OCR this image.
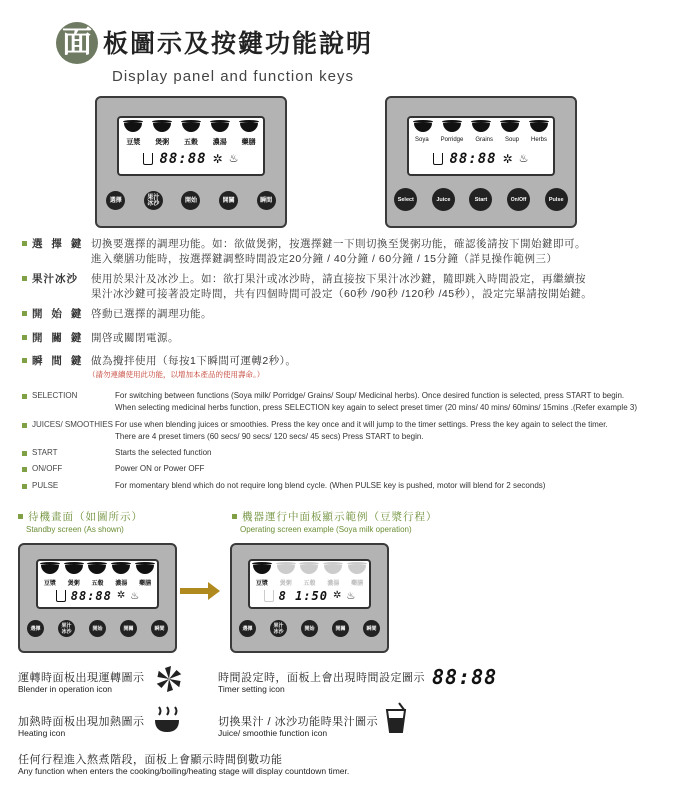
面 板圖示及按鍵功能說明
Display panel and function keys
豆漿 煲粥 五穀 濃湯 藥膳
88:88 ✲ ♨
選擇	果汁
冰沙	開始	開關	瞬間
Soya Porridge Grains Soup Herbs
88:88 ✲ ♨
Select	Juice	Start	On/Off	Pulse
選 擇 鍵 切換要選擇的調理功能。如：欲做煲粥，按選擇鍵一下則切換至煲粥功能，確認後請按下開始鍵即可。
進入藥膳功能時，按選擇鍵調整時間設定20分鐘 / 40分鐘 / 60分鐘 / 15分鐘（詳見操作範例三）
果汁冰沙 使用於果汁及冰沙上。如：欲打果汁或冰沙時，請直接按下果汁冰沙鍵，隨即跳入時間設定，再繼續按
果汁冰沙鍵可接著設定時間，共有四個時間可設定（60秒 /90秒 /120秒 /45秒），設定完畢請按開始鍵。
開 始 鍵 啓動已選擇的調理功能。
開 關 鍵 開啓或關閉電源。
瞬 間 鍵 做為攪拌使用（每按1下瞬間可運轉2秒）。
（請勿連續使用此功能，以增加本產品的使用壽命。）
SELECTION	For switching between functions (Soya milk/ Porridge/ Grains/ Soup/ Medicinal herbs). Once desired function is selected, press START to begin.
When selecting medicinal herbs function, press SELECTION key again to select preset timer (20 mins/ 40 mins/ 60mins/ 15mins .(Refer example 3)
JUICES/ SMOOTHIES For use when blending juices or smoothies. Press the key once and it will jump to the timer settings. Press the key again to select the timer.
There are 4 preset timers (60 secs/ 90 secs/ 120 secs/ 45 secs) Press START to begin.
START	Starts the selected function
ON/OFF	Power ON or Power OFF
PULSE	For momentary blend which do not require long blend cycle. (When PULSE key is pushed, motor will blend for 2 seconds)
待機畫面（如圖所示）
Standby screen (As shown)
機器運行中面板顯示範例（豆漿行程）
Operating screen example (Soya milk operation)
豆漿 煲粥 五穀 濃湯 藥膳
88:88 ✲ ♨
選擇	果汁
冰沙	開始	開關	瞬間
豆漿 煲粥 五穀 濃湯 藥膳
8 1:50 ✲ ♨
選擇	果汁
冰沙	開始	開關	瞬間
運轉時面板出現運轉圖示
Blender in operation icon
時間設定時，面板上會出現時間設定圖示
Timer setting icon	88:88
加熱時面板出現加熱圖示
Heating icon
切換果汁 / 冰沙功能時果汁圖示
Juice/ smoothie function icon
任何行程進入熬煮階段，面板上會顯示時間倒數功能
Any function when enters the cooking/boiling/heating stage will display countdown timer.
